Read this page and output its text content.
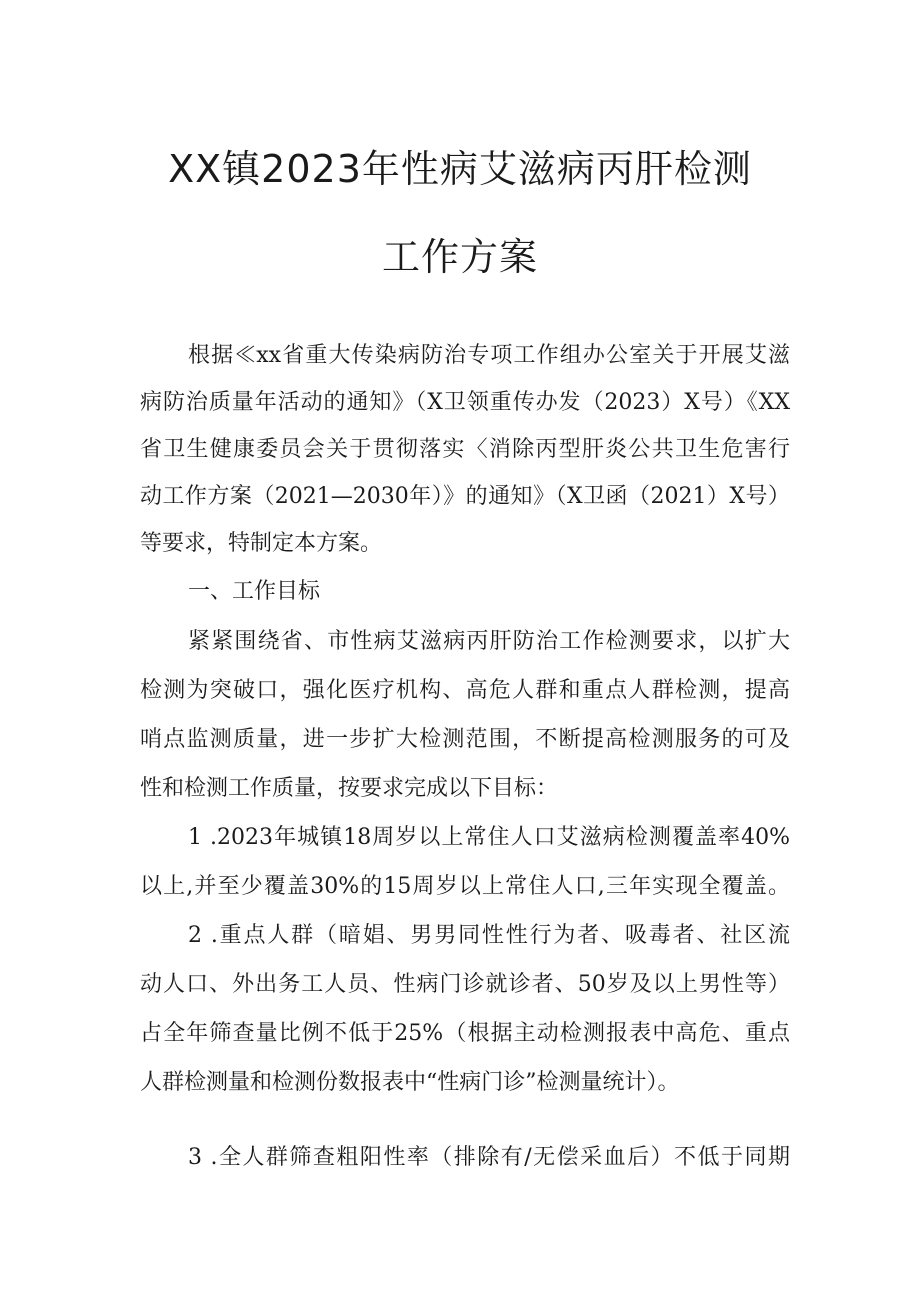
XX镇2023年性病艾滋病丙肝检测
工作方案
根据≪xx省重大传染病防治专项工作组办公室关于开展艾滋
病防治质量年活动的通知》（X卫领重传办发（2023）X号）《XX
省卫生健康委员会关于贯彻落实〈消除丙型肝炎公共卫生危害行
动工作方案（2021—2030年）》的通知》（X卫函（2021）X号）
等要求，特制定本方案。
一、工作目标
紧紧围绕省、市性病艾滋病丙肝防治工作检测要求，以扩大
检测为突破口，强化医疗机构、高危人群和重点人群检测，提高
哨点监测质量，进一步扩大检测范围，不断提高检测服务的可及
性和检测工作质量，按要求完成以下目标：
1 .2023年城镇18周岁以上常住人口艾滋病检测覆盖率40%
以上,并至少覆盖30%的15周岁以上常住人口,三年实现全覆盖。
2 .重点人群（暗娼、男男同性性行为者、吸毒者、社区流
动人口、外出务工人员、性病门诊就诊者、50岁及以上男性等）
占全年筛查量比例不低于25%（根据主动检测报表中高危、重点
人群检测量和检测份数报表中“性病门诊”检测量统计）。
3 .全人群筛查粗阳性率（排除有/无偿采血后）不低于同期
